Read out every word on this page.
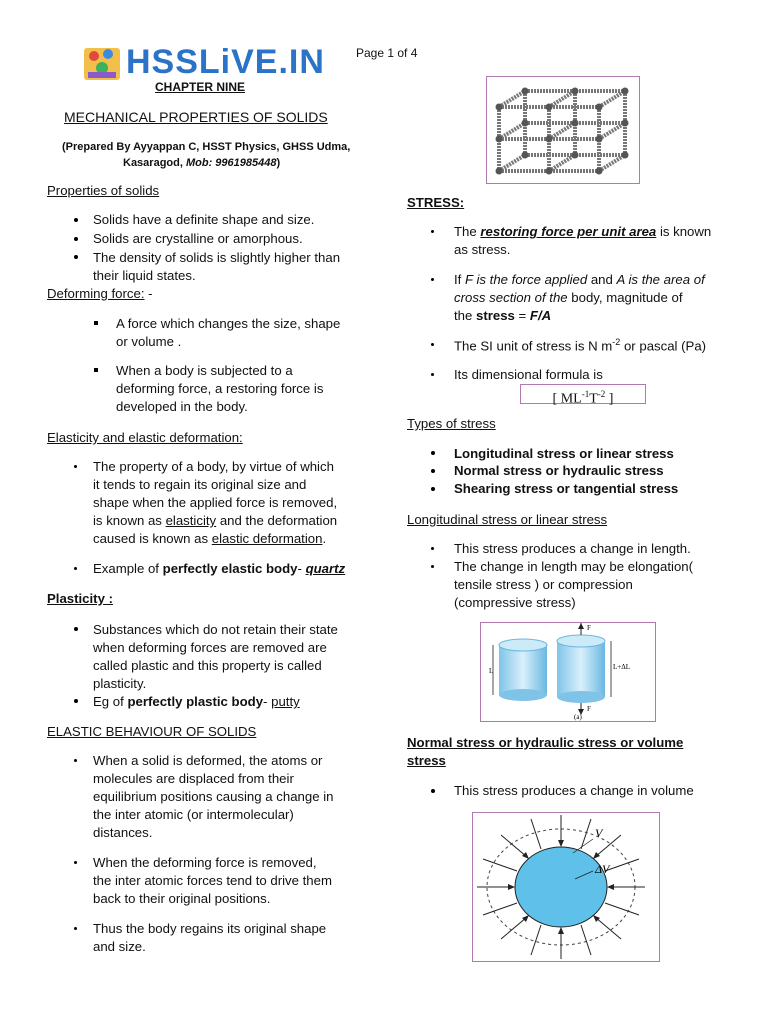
HSSLiVE.IN	Page 1 of 4
CHAPTER NINE
MECHANICAL PROPERTIES OF SOLIDS
(Prepared By Ayyappan C, HSST Physics, GHSS Udma,
Kasaragod, Mob: 9961985448)
Properties of solids
Solids have a definite shape and size.
Solids are crystalline or amorphous.
The density of solids is slightly higher than
their liquid states.
Deforming force: -
A force which changes the size, shape
or volume .
When a body is subjected to a
deforming force, a restoring force is
developed in the body.
Elasticity and elastic deformation:
The property of a body, by virtue of which
it tends to regain its original size and
shape when the applied force is removed,
is known as elasticity and the deformation
caused is known as elastic deformation.
Example of perfectly elastic body- quartz
Plasticity :
Substances which do not retain their state
when deforming forces are removed are
called plastic and this property is called
plasticity.
Eg of perfectly plastic body- putty
ELASTIC BEHAVIOUR OF SOLIDS
When a solid is deformed, the atoms or
molecules are displaced from their
equilibrium positions causing a change in
the inter atomic (or intermolecular)
distances.
When the deforming force is removed,
the inter atomic forces tend to drive them
back to their original positions.
Thus the body regains its original shape
and size.
STRESS:
The restoring force per unit area is known
as stress.
If F is the force applied and A is the area of
cross section of the body, magnitude of
the stress = F/A
The SI unit of stress is N $m^{-2}$ or pascal (Pa)
Its dimensional formula is
[ $ML^{-1}T^{-2}$ ]
Types of stress
Longitudinal stress or linear stress
Normal stress or hydraulic stress
Shearing stress or tangential stress
Longitudinal stress or linear stress
This stress produces a change in length.
The change in length may be elongation(
tensile stress ) or compression
(compressive stress)
L	L+ΔL
F
F
(a)
Normal stress or hydraulic stress or volume
stress
This stress produces a change in volume
V
ΔV
